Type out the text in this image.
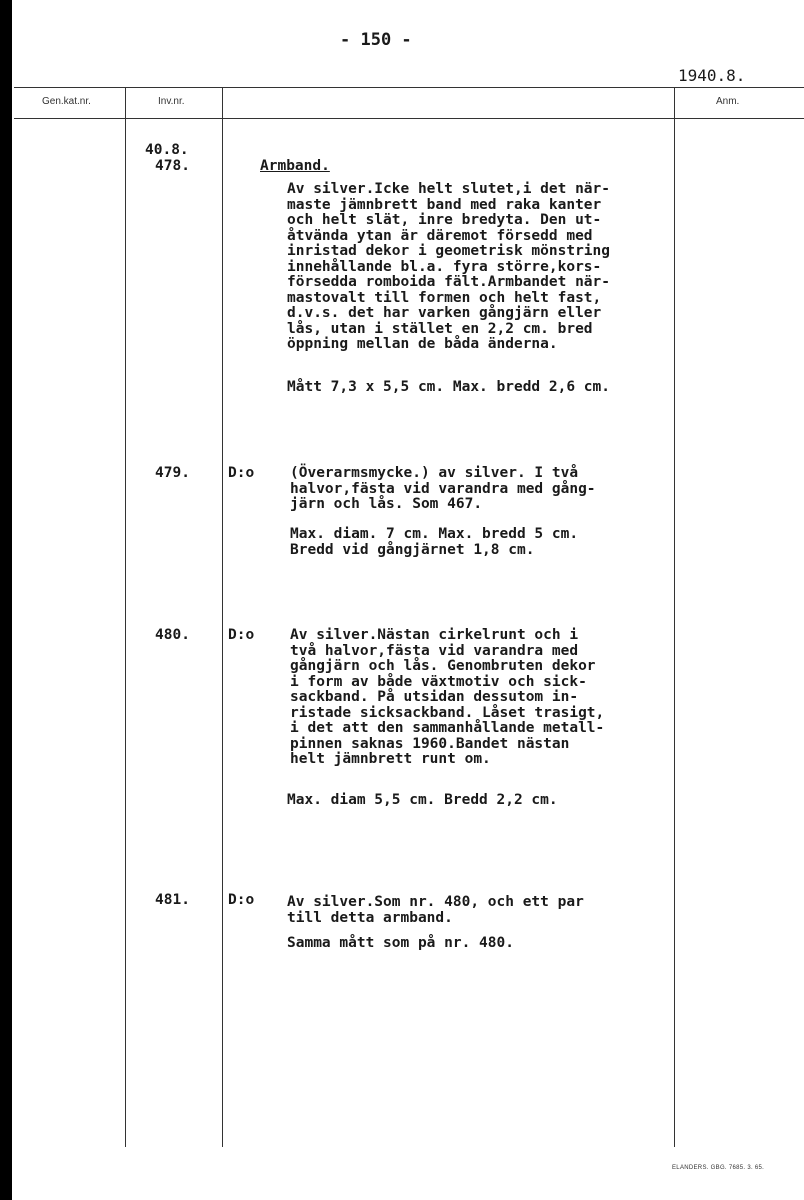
- 150 -
1940.8.
Gen.kat.nr.	Inv.nr.	Anm.
40.8.
478.	Armband.
Av silver.Icke helt slutet,i det när-
maste jämnbrett band med raka kanter
och helt slät, inre bredyta. Den ut-
åtvända ytan är däremot försedd med
inristad dekor i geometrisk mönstring
innehållande bl.a. fyra större,kors-
försedda romboida fält.Armbandet när-
mastovalt till formen och helt fast,
d.v.s. det har varken gångjärn eller
lås, utan i stället en 2,2 cm. bred
öppning mellan de båda änderna.
Mått 7,3 x 5,5 cm. Max. bredd 2,6 cm.
479.	D:o (Överarmsmycke.) av silver. I två
halvor,fästa vid varandra med gång-
järn och lås. Som 467.
Max. diam. 7 cm. Max. bredd 5 cm.
Bredd vid gångjärnet 1,8 cm.
480.	D:o Av silver.Nästan cirkelrunt och i
två halvor,fästa vid varandra med
gångjärn och lås. Genombruten dekor
i form av både växtmotiv och sick-
sackband. På utsidan dessutom in-
ristade sicksackband. Låset trasigt,
i det att den sammanhållande metall-
pinnen saknas 1960.Bandet nästan
helt jämnbrett runt om.
Max. diam 5,5 cm. Bredd 2,2 cm.
481.	D:o Av silver.Som nr. 480, och ett par
till detta armband.
Samma mått som på nr. 480.
ELANDERS. GBG. 7685. 3. 65.
